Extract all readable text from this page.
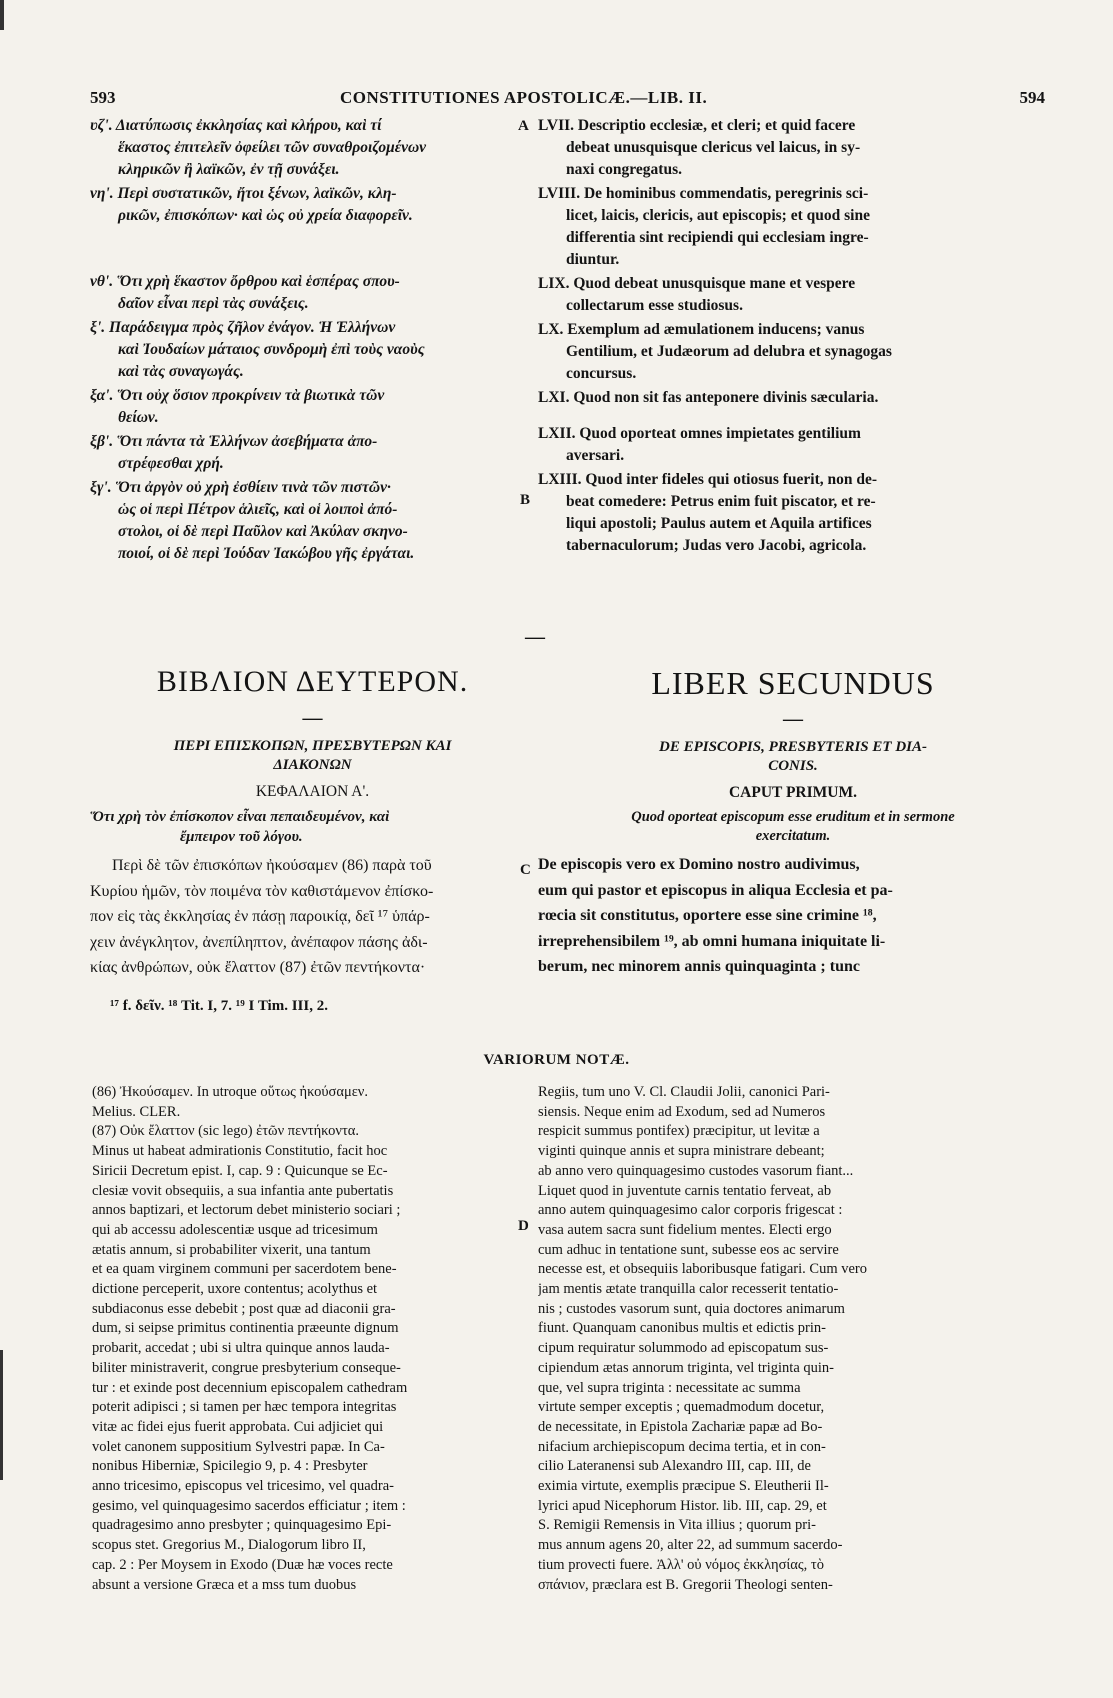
593	CONSTITUTIONES APOSTOLICÆ.—LIB. II.	594
ʋζ'. Διατύπωσις ἐκκλησίας καὶ κλήρου, καὶ τί
ἕκαστος ἐπιτελεῖν ὀφείλει τῶν συναθροιζομένων
κληρικῶν ἢ λαϊκῶν, ἐν τῇ συνάξει.
νη'. Περὶ συστατικῶν, ἤτοι ξένων, λαϊκῶν, κλη-
ρικῶν, ἐπισκόπων· καὶ ὡς οὐ χρεία διαφορεῖν.
νθ'. Ὅτι χρὴ ἕκαστον ὄρθρου καὶ ἑσπέρας σπου-
δαῖον εἶναι περὶ τὰς συνάξεις.
ξ'. Παράδειγμα πρὸς ζῆλον ἐνάγον. Ἡ Ἑλλήνων
καὶ Ἰουδαίων μάταιος συνδρομὴ ἐπὶ τοὺς ναοὺς
καὶ τὰς συναγωγάς.
ξα'. Ὅτι οὐχ ὅσιον προκρίνειν τὰ βιωτικὰ τῶν
θείων.
ξβ'. Ὅτι πάντα τὰ Ἑλλήνων ἀσεβήματα ἀπο-
στρέφεσθαι χρή.
ξγ'. Ὅτι ἀργὸν οὐ χρὴ ἐσθίειν τινὰ τῶν πιστῶν·
ὡς οἱ περὶ Πέτρον ἁλιεῖς, καὶ οἱ λοιποὶ ἀπό-
στολοι, οἱ δὲ περὶ Παῦλον καὶ Ἀκύλαν σκηνο-
ποιοί, οἱ δὲ περὶ Ἰούδαν Ἰακώβου γῆς ἐργάται.
A
B
C
D
LVII. Descriptio ecclesiæ, et cleri; et quid facere
debeat unusquisque clericus vel laicus, in sy-
naxi congregatus.
LVIII. De hominibus commendatis, peregrinis sci-
licet, laicis, clericis, aut episcopis; et quod sine
differentia sint recipiendi qui ecclesiam ingre-
diuntur.
LIX. Quod debeat unusquisque mane et vespere
collectarum esse studiosus.
LX. Exemplum ad æmulationem inducens; vanus
Gentilium, et Judæorum ad delubra et synagogas
concursus.
LXI. Quod non sit fas anteponere divinis sæcularia.
LXII. Quod oporteat omnes impietates gentilium
aversari.
LXIII. Quod inter fideles qui otiosus fuerit, non de-
beat comedere: Petrus enim fuit piscator, et re-
liqui apostoli; Paulus autem et Aquila artifices
tabernaculorum; Judas vero Jacobi, agricola.
—
ΒΙΒΛΙΟΝ ΔΕΥΤΕΡΟΝ.
—
ΠΕΡΙ ΕΠΙΣΚΟΠΩΝ, ΠΡΕΣΒΥΤΕΡΩΝ ΚΑΙ
ΔΙΑΚΟΝΩΝ
ΚΕΦΑΛΑΙΟΝ Α'.
Ὅτι χρὴ τὸν ἐπίσκοπον εἶναι πεπαιδευμένον, καὶ
ἔμπειρον τοῦ λόγου.
Περὶ δὲ τῶν ἐπισκόπων ἠκούσαμεν (86) παρὰ τοῦ
Κυρίου ἡμῶν, τὸν ποιμένα τὸν καθιστάμενον ἐπίσκο-
πον εἰς τὰς ἐκκλησίας ἐν πάσῃ παροικίᾳ, δεῖ ¹⁷ ὑπάρ-
χειν ἀνέγκλητον, ἀνεπίληπτον, ἀνέπαφον πάσης ἀδι-
κίας ἀνθρώπων, οὐκ ἔλαττον (87) ἐτῶν πεντήκοντα·
LIBER SECUNDUS
—
DE EPISCOPIS, PRESBYTERIS ET DIA-
CONIS.
CAPUT PRIMUM.
Quod oporteat episcopum esse eruditum et in sermone
exercitatum.
De episcopis vero ex Domino nostro audivimus,
eum qui pastor et episcopus in aliqua Ecclesia et pa-
rœcia sit constitutus, oportere esse sine crimine ¹⁸,
irreprehensibilem ¹⁹, ab omni humana iniquitate li-
berum, nec minorem annis quinquaginta ; tunc
¹⁷ f. δεῖν. ¹⁸ Tit. I, 7. ¹⁹ I Tim. III, 2.
VARIORUM NOTÆ.
(86) Ἠκούσαμεν. In utroque οὕτως ἠκούσαμεν.
Melius. CLER.
(87) Οὐκ ἔλαττον (sic lego) ἐτῶν πεντήκοντα.
Minus ut habeat admirationis Constitutio, facit hoc
Siricii Decretum epist. I, cap. 9 : Quicunque se Ec-
clesiæ vovit obsequiis, a sua infantia ante pubertatis
annos baptizari, et lectorum debet ministerio sociari ;
qui ab accessu adolescentiæ usque ad tricesimum
ætatis annum, si probabiliter vixerit, una tantum
et ea quam virginem communi per sacerdotem bene-
dictione perceperit, uxore contentus; acolythus et
subdiaconus esse debebit ; post quæ ad diaconii gra-
dum, si seipse primitus continentia præeunte dignum
probarit, accedat ; ubi si ultra quinque annos lauda-
biliter ministraverit, congrue presbyterium conseque-
tur : et exinde post decennium episcopalem cathedram
poterit adipisci ; si tamen per hæc tempora integritas
vitæ ac fidei ejus fuerit approbata. Cui adjiciet qui
volet canonem suppositium Sylvestri papæ. In Ca-
nonibus Hiberniæ, Spicilegio 9, p. 4 : Presbyter
anno tricesimo, episcopus vel tricesimo, vel quadra-
gesimo, vel quinquagesimo sacerdos efficiatur ; item :
quadragesimo anno presbyter ; quinquagesimo Epi-
scopus stet. Gregorius M., Dialogorum libro II,
cap. 2 : Per Moysem in Exodo (Duæ hæ voces recte
absunt a versione Græca et a mss tum duobus
Regiis, tum uno V. Cl. Claudii Jolii, canonici Pari-
siensis. Neque enim ad Exodum, sed ad Numeros
respicit summus pontifex) præcipitur, ut levitæ a
viginti quinque annis et supra ministrare debeant;
ab anno vero quinquagesimo custodes vasorum fiant...
Liquet quod in juventute carnis tentatio ferveat, ab
anno autem quinquagesimo calor corporis frigescat :
vasa autem sacra sunt fidelium mentes. Electi ergo
cum adhuc in tentatione sunt, subesse eos ac servire
necesse est, et obsequiis laboribusque fatigari. Cum vero
jam mentis ætate tranquilla calor recesserit tentatio-
nis ; custodes vasorum sunt, quia doctores animarum
fiunt. Quanquam canonibus multis et edictis prin-
cipum requiratur solummodo ad episcopatum sus-
cipiendum ætas annorum triginta, vel triginta quin-
que, vel supra triginta : necessitate ac summa
virtute semper exceptis ; quemadmodum docetur,
de necessitate, in Epistola Zachariæ papæ ad Bo-
nifacium archiepiscopum decima tertia, et in con-
cilio Lateranensi sub Alexandro III, cap. III, de
eximia virtute, exemplis præcipue S. Eleutherii Il-
lyrici apud Nicephorum Histor. lib. III, cap. 29, et
S. Remigii Remensis in Vita illius ; quorum pri-
mus annum agens 20, alter 22, ad summum sacerdo-
tium provecti fuere. Ἀλλ' οὐ νόμος ἐκκλησίας, τὸ
σπάνιον, præclara est B. Gregorii Theologi senten-
